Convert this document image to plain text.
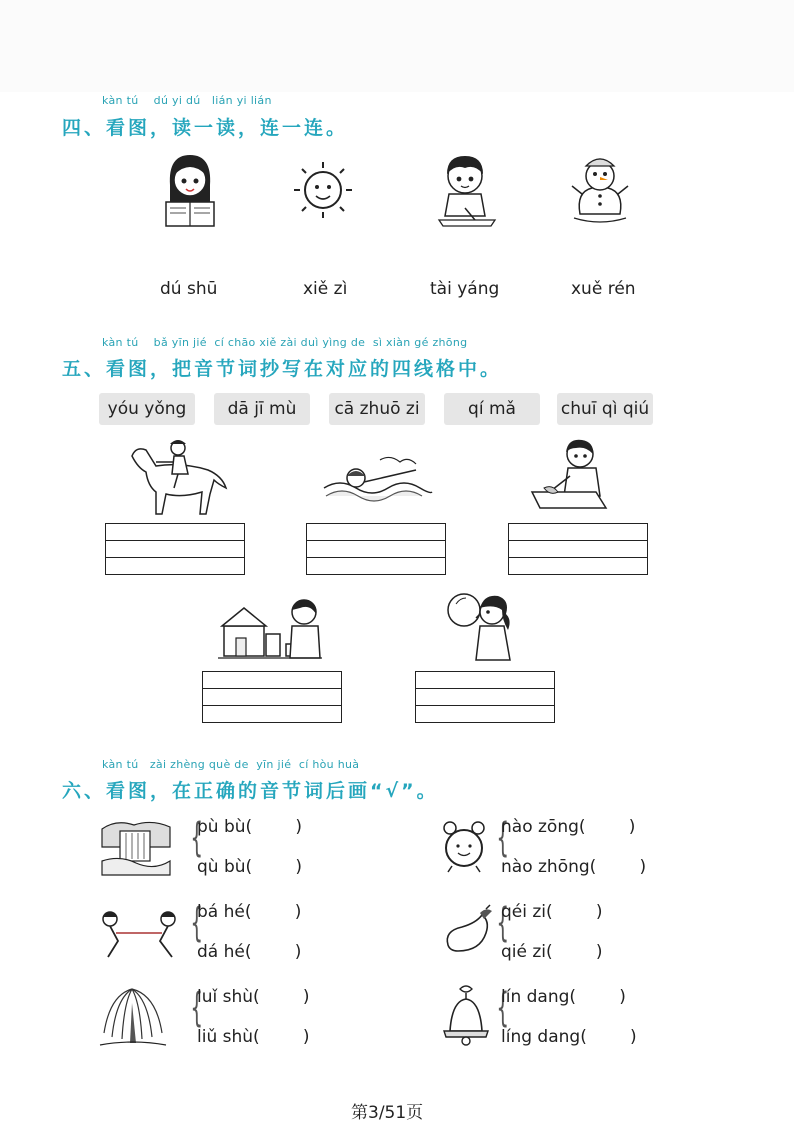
kàn tú    dú yi dú   lián yi lián
四、看图，读一读，连一连。
dú shū	xiě zì	tài yáng	xuě rén
kàn tú    bǎ yīn jié  cí chāo xiě zài duì yìng de  sì xiàn gé zhōng
五、看图，把音节词抄写在对应的四线格中。
yóu yǒng	dā jī mù	cā zhuō zi	qí mǎ	chuī qì qiú
kàn tú   zài zhèng què de  yīn jié  cí hòu huà
六、看图，在正确的音节词后画“√”。
{
pù bù(        )
qù bù(        )
{
nào zōng(        )
nào zhōng(        )
{
bá hé(        )
dá hé(        )
{
qéi zi(        )
qié zi(        )
{
luǐ shù(        )
liǔ shù(        )
{
lín dang(        )
líng dang(        )
第3/51页
